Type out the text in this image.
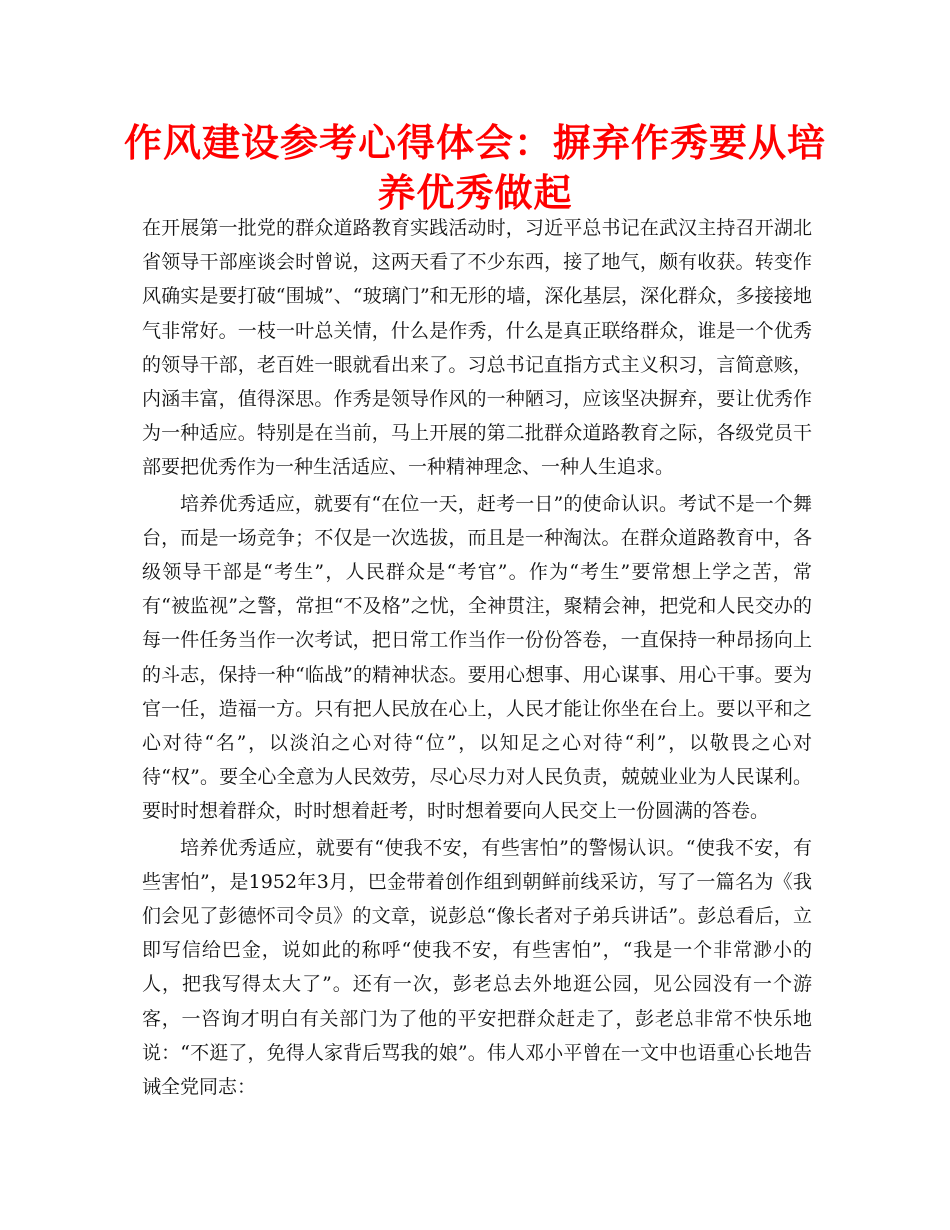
作风建设参考心得体会：摒弃作秀要从培养优秀做起

在开展第一批党的群众道路教育实践活动时，习近平总书记在武汉主持召开湖北省领导干部座谈会时曾说，这两天看了不少东西，接了地气，颇有收获。转变作风确实是要打破“围城”、“玻璃门”和无形的墙，深化基层，深化群众，多接接地气非常好。一枝一叶总关情，什么是作秀，什么是真正联络群众，谁是一个优秀的领导干部，老百姓一眼就看出来了。习总书记直指方式主义积习，言简意赅，内涵丰富，值得深思。作秀是领导作风的一种陋习，应该坚决摒弃，要让优秀作为一种适应。特别是在当前，马上开展的第二批群众道路教育之际，各级党员干部要把优秀作为一种生活适应、一种精神理念、一种人生追求。

培养优秀适应，就要有“在位一天，赶考一日”的使命认识。考试不是一个舞台，而是一场竞争；不仅是一次选拔，而且是一种淘汰。在群众道路教育中，各级领导干部是“考生”，人民群众是“考官”。作为“考生”要常想上学之苦，常有“被监视”之警，常担“不及格”之忧，全神贯注，聚精会神，把党和人民交办的每一件任务当作一次考试，把日常工作当作一份份答卷，一直保持一种昂扬向上的斗志，保持一种“临战”的精神状态。要用心想事、用心谋事、用心干事。要为官一任，造福一方。只有把人民放在心上，人民才能让你坐在台上。要以平和之心对待“名”，以淡泊之心对待“位”，以知足之心对待“利”，以敬畏之心对待“权”。要全心全意为人民效劳，尽心尽力对人民负责，兢兢业业为人民谋利。要时时想着群众，时时想着赶考，时时想着要向人民交上一份圆满的答卷。

培养优秀适应，就要有“使我不安，有些害怕”的警惕认识。“使我不安，有些害怕”，是1952年3月，巴金带着创作组到朝鲜前线采访，写了一篇名为《我们会见了彭德怀司令员》的文章，说彭总“像长者对子弟兵讲话”。彭总看后，立即写信给巴金，说如此的称呼“使我不安，有些害怕”，“我是一个非常渺小的人，把我写得太大了”。还有一次，彭老总去外地逛公园，见公园没有一个游客，一咨询才明白有关部门为了他的平安把群众赶走了，彭老总非常不快乐地说：“不逛了，免得人家背后骂我的娘”。伟人邓小平曾在一文中也语重心长地告诫全党同志：
